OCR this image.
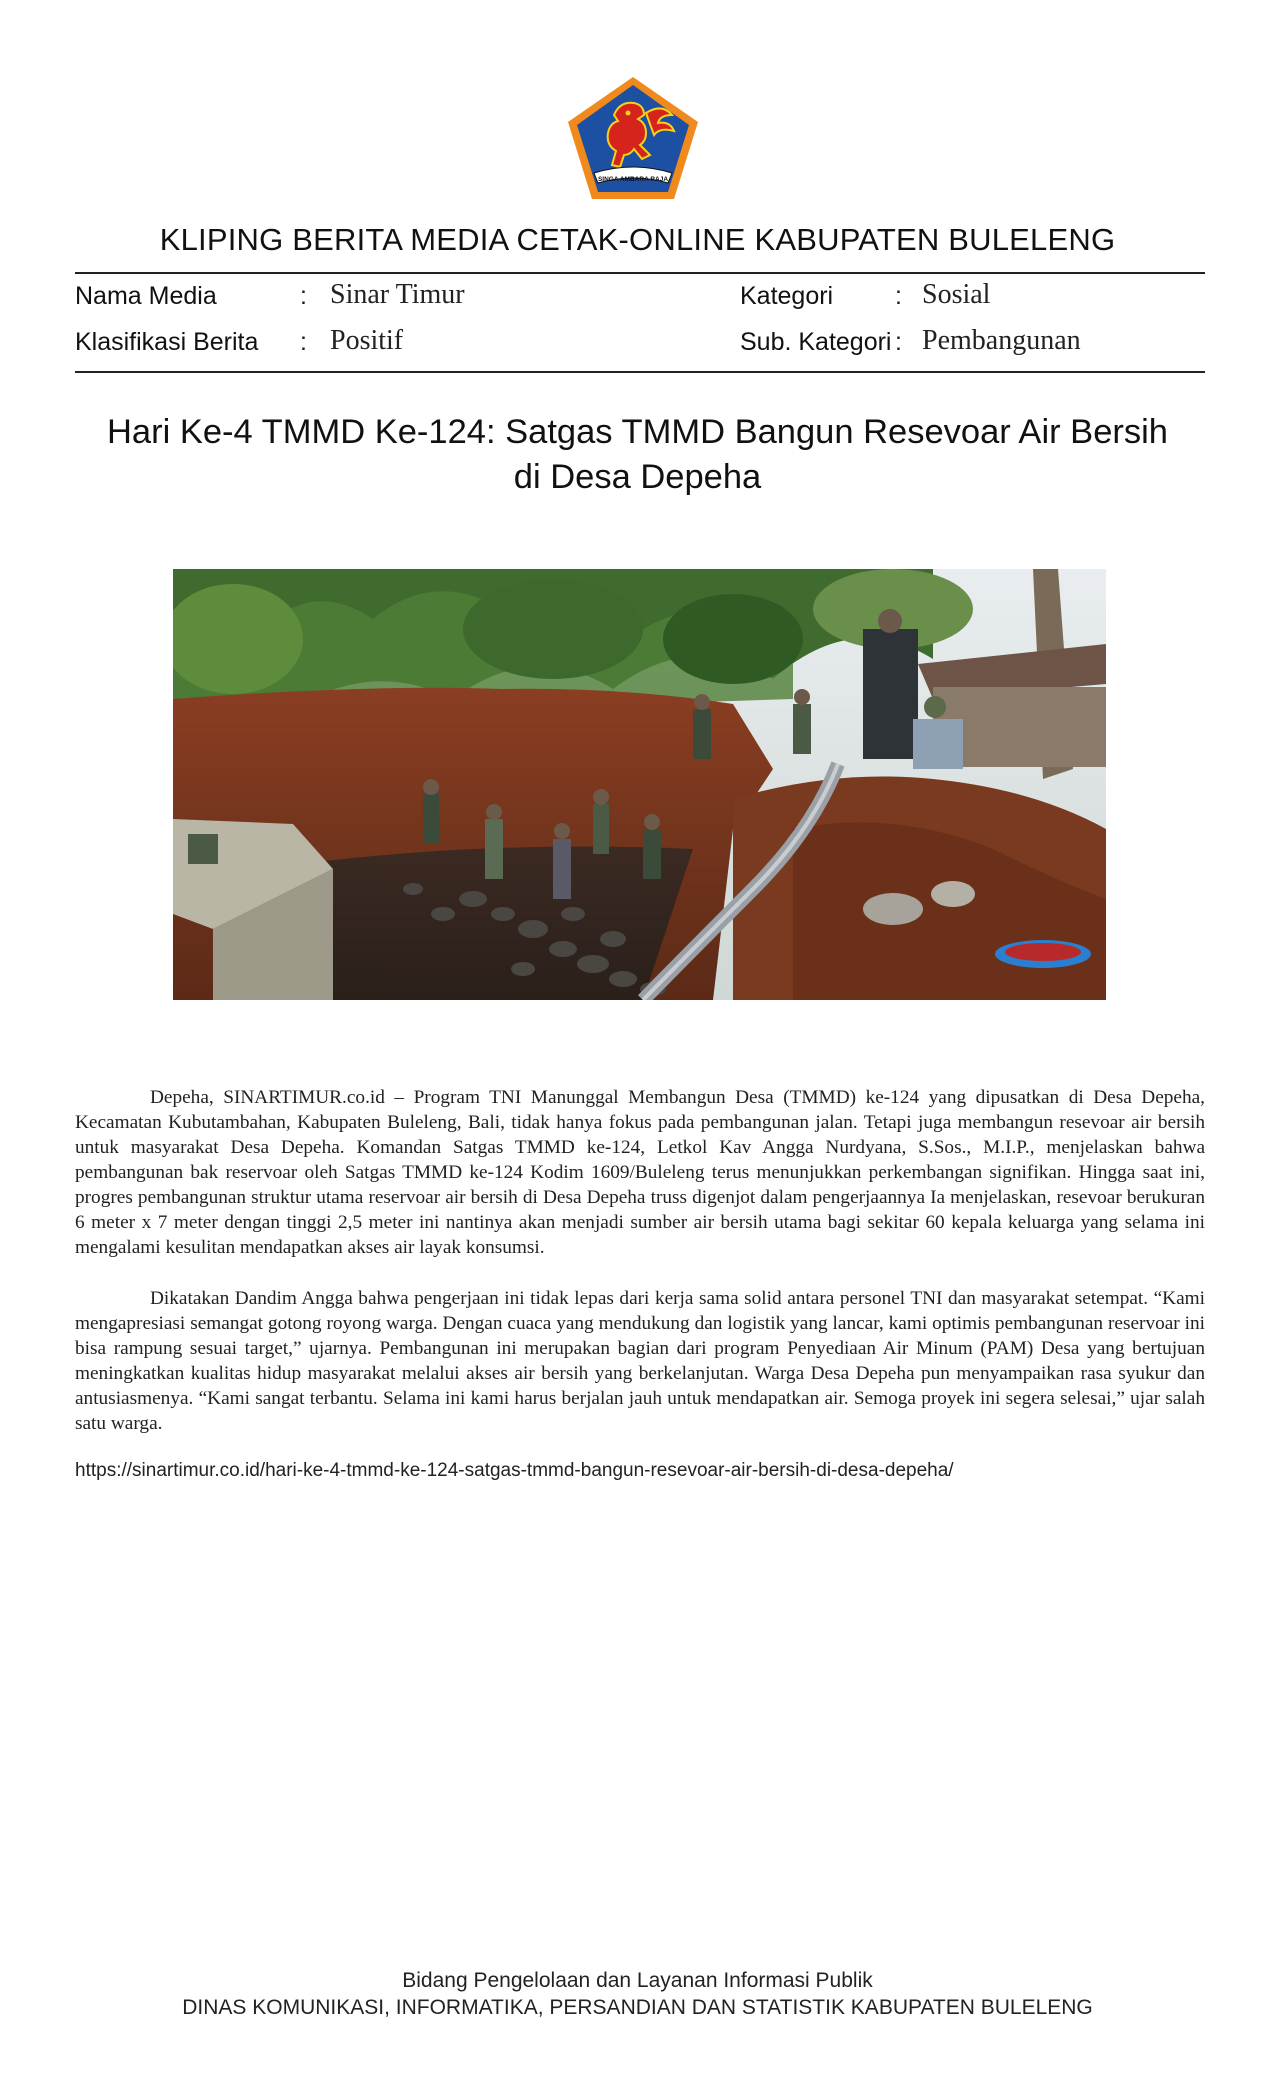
SINGA AMBARA RAJA
KLIPING BERITA MEDIA CETAK-ONLINE KABUPATEN BULELENG
Nama Media	: Sinar Timur	Kategori : Sosial
Klasifikasi Berita : Positif	Sub. Kategori : Pembangunan
Hari Ke-4 TMMD Ke-124: Satgas TMMD Bangun Resevoar Air Bersih di Desa Depeha

Depeha, SINARTIMUR.co.id – Program TNI Manunggal Membangun Desa (TMMD) ke-124 yang dipusatkan di Desa Depeha, Kecamatan Kubutambahan, Kabupaten Buleleng, Bali, tidak hanya fokus pada pembangunan jalan. Tetapi juga membangun resevoar air bersih untuk masyarakat Desa Depeha. Komandan Satgas TMMD ke-124, Letkol Kav Angga Nurdyana, S.Sos., M.I.P., menjelaskan bahwa pembangunan bak reservoar oleh Satgas TMMD ke-124 Kodim 1609/Buleleng terus menunjukkan perkembangan signifikan. Hingga saat ini, progres pembangunan struktur utama reservoar air bersih di Desa Depeha truss digenjot dalam pengerjaannya Ia menjelaskan, resevoar berukuran 6 meter x 7 meter dengan tinggi 2,5 meter ini nantinya akan menjadi sumber air bersih utama bagi sekitar 60 kepala keluarga yang selama ini mengalami kesulitan mendapatkan akses air layak konsumsi.

Dikatakan Dandim Angga bahwa pengerjaan ini tidak lepas dari kerja sama solid antara personel TNI dan masyarakat setempat. “Kami mengapresiasi semangat gotong royong warga. Dengan cuaca yang mendukung dan logistik yang lancar, kami optimis pembangunan reservoar ini bisa rampung sesuai target,” ujarnya. Pembangunan ini merupakan bagian dari program Penyediaan Air Minum (PAM) Desa yang bertujuan meningkatkan kualitas hidup masyarakat melalui akses air bersih yang berkelanjutan. Warga Desa Depeha pun menyampaikan rasa syukur dan antusiasmenya. “Kami sangat terbantu. Selama ini kami harus berjalan jauh untuk mendapatkan air. Semoga proyek ini segera selesai,” ujar salah satu warga.

https://sinartimur.co.id/hari-ke-4-tmmd-ke-124-satgas-tmmd-bangun-resevoar-air-bersih-di-desa-depeha/
Bidang Pengelolaan dan Layanan Informasi Publik
DINAS KOMUNIKASI, INFORMATIKA, PERSANDIAN DAN STATISTIK KABUPATEN BULELENG
